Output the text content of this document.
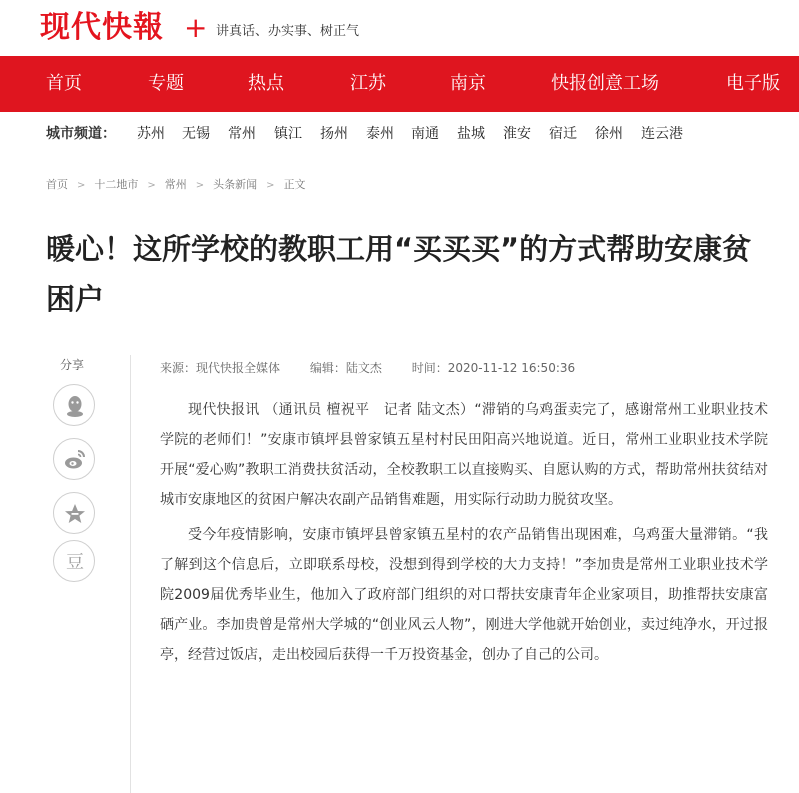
现代快報 + 讲真话、办实事、树正气
首页	专题	热点	江苏	南京	快报创意工场	电子版
城市频道： 苏州 无锡 常州 镇江 扬州 泰州 南通 盐城 淮安 宿迁 徐州 连云港
首页 > 十二地市 > 常州 > 头条新闻 > 正文
暖心！这所学校的教职工用“买买买”的方式帮助安康贫困户
分享
豆
来源：现代快报全媒体 编辑：陆文杰 时间：2020-11-12 16:50:36

现代快报讯 （通讯员 檀祝平　记者 陆文杰）“滞销的乌鸡蛋卖完了，感谢常州工业职业技术学院的老师们！”安康市镇坪县曾家镇五星村村民田阳高兴地说道。近日，常州工业职业技术学院开展“爱心购”教职工消费扶贫活动，全校教职工以直接购买、自愿认购的方式，帮助常州扶贫结对城市安康地区的贫困户解决农副产品销售难题，用实际行动助力脱贫攻坚。

受今年疫情影响，安康市镇坪县曾家镇五星村的农产品销售出现困难，乌鸡蛋大量滞销。“我了解到这个信息后，立即联系母校，没想到得到学校的大力支持！”李加贵是常州工业职业技术学院2009届优秀毕业生，他加入了政府部门组织的对口帮扶安康青年企业家项目，助推帮扶安康富硒产业。李加贵曾是常州大学城的“创业风云人物”，刚进大学他就开始创业，卖过纯净水，开过报亭，经营过饭店，走出校园后获得一千万投资基金，创办了自己的公司。
